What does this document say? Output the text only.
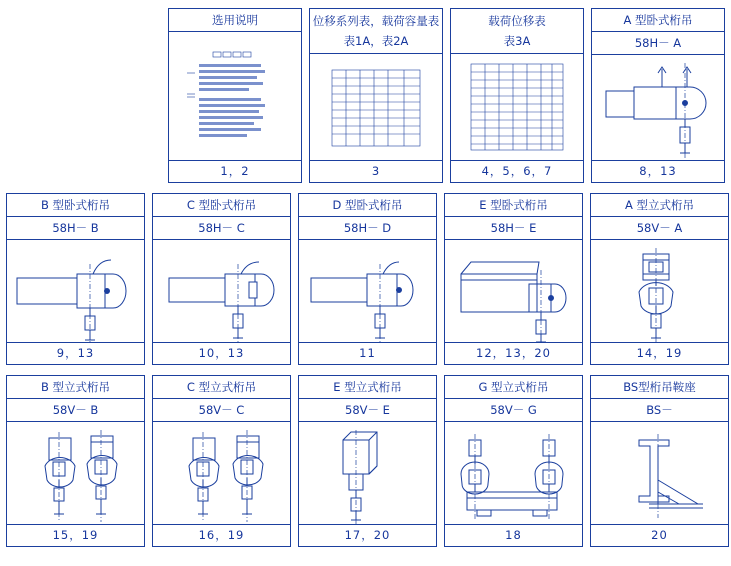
选用说明
1，2
位移系列表，载荷容量表
表1A，表2A
3
载荷位移表
表3A
4，5，6，7
A 型卧式桁吊
58H－ A
8，13
B 型卧式桁吊
58H－ B
9，13
C 型卧式桁吊
58H－ C
10，13
D 型卧式桁吊
58H－ D
11
E 型卧式桁吊
58H－ E
12，13，20
A 型立式桁吊
58V－ A
14，19
B 型立式桁吊
58V－ B
15，19
C 型立式桁吊
58V－ C
16，19
E 型立式桁吊
58V－ E
17，20
G 型立式桁吊
58V－ G
18
BS型桁吊鞍座
BS－
20
